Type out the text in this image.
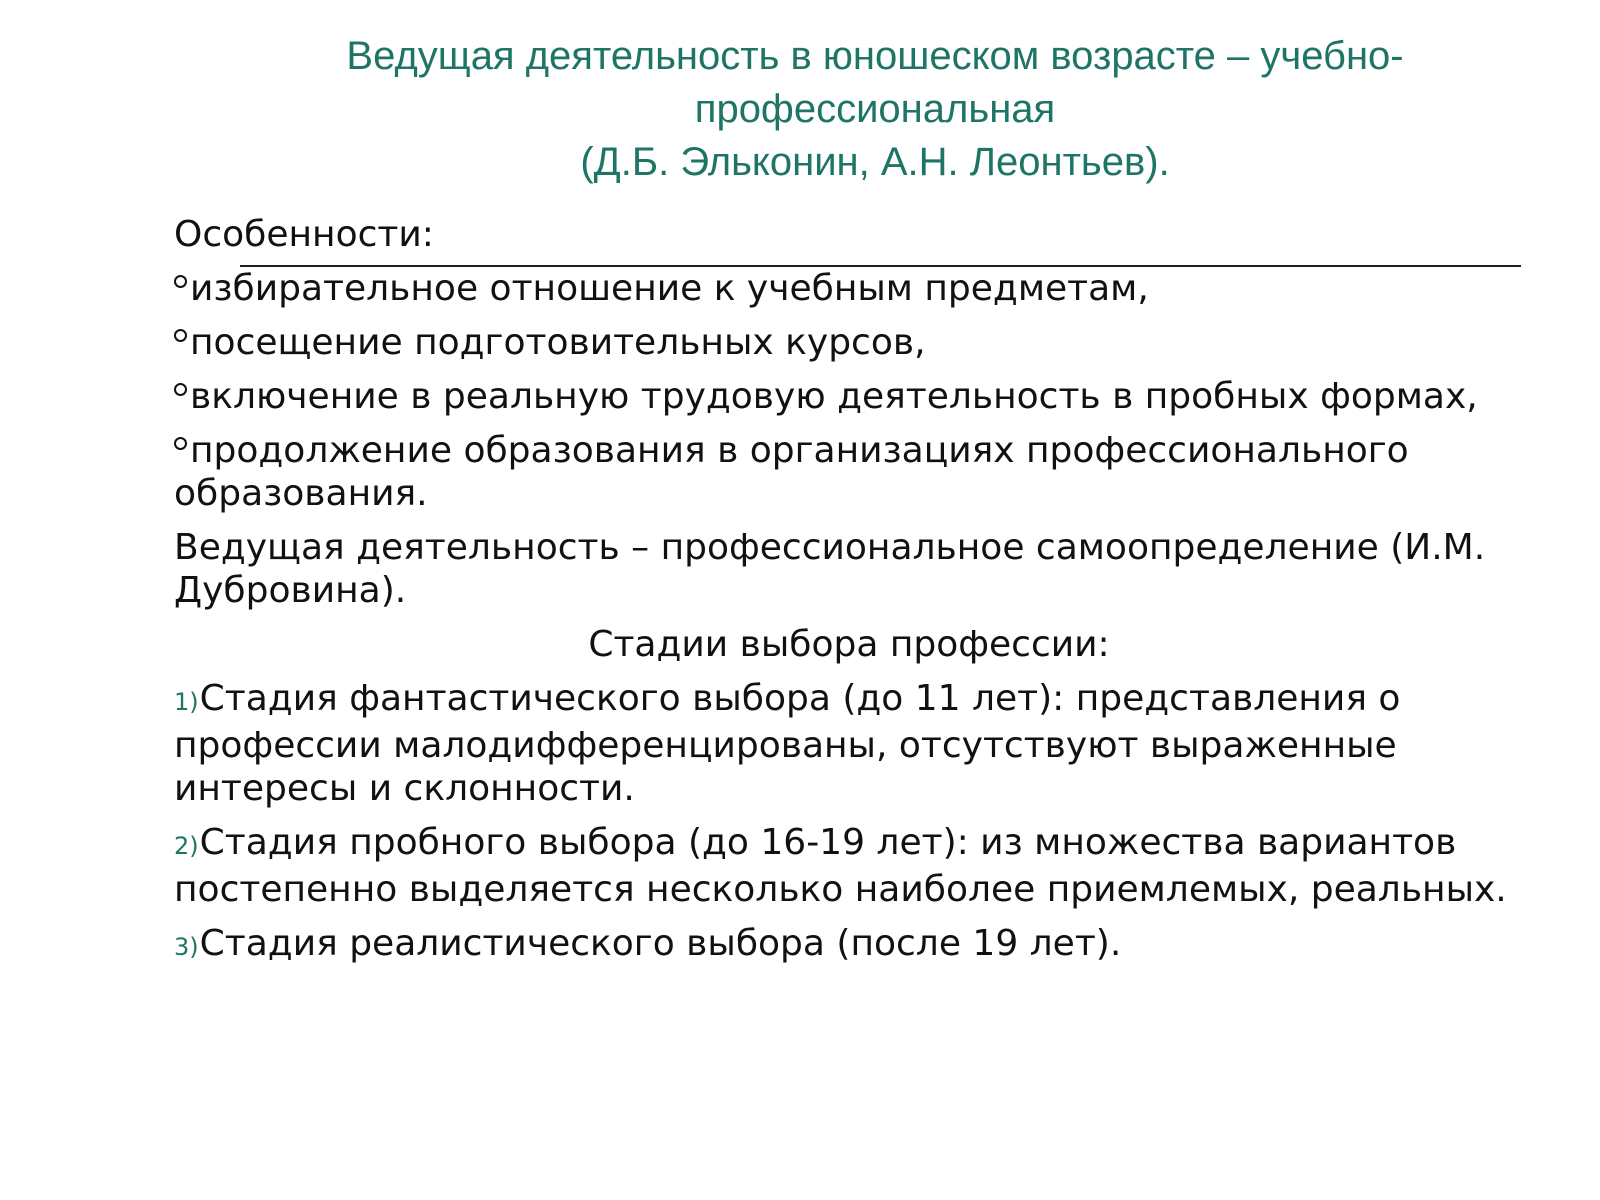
Ведущая деятельность в юношеском возрасте – учебно-
профессиональная
(Д.Б. Эльконин, А.Н. Леонтьев).
Особенности:
избирательное отношение к учебным предметам,
посещение подготовительных курсов,
включение в реальную трудовую деятельность в пробных формах,
продолжение образования в организациях профессионального образования.
Ведущая деятельность – профессиональное самоопределение (И.М. Дубровина).
Стадии выбора профессии:
1)Стадия фантастического выбора (до 11 лет): представления о профессии малодифференцированы, отсутствуют выраженные интересы и склонности.
2)Стадия пробного выбора (до 16-19 лет): из множества вариантов постепенно выделяется несколько наиболее приемлемых, реальных.
3)Стадия реалистического выбора (после 19 лет).
